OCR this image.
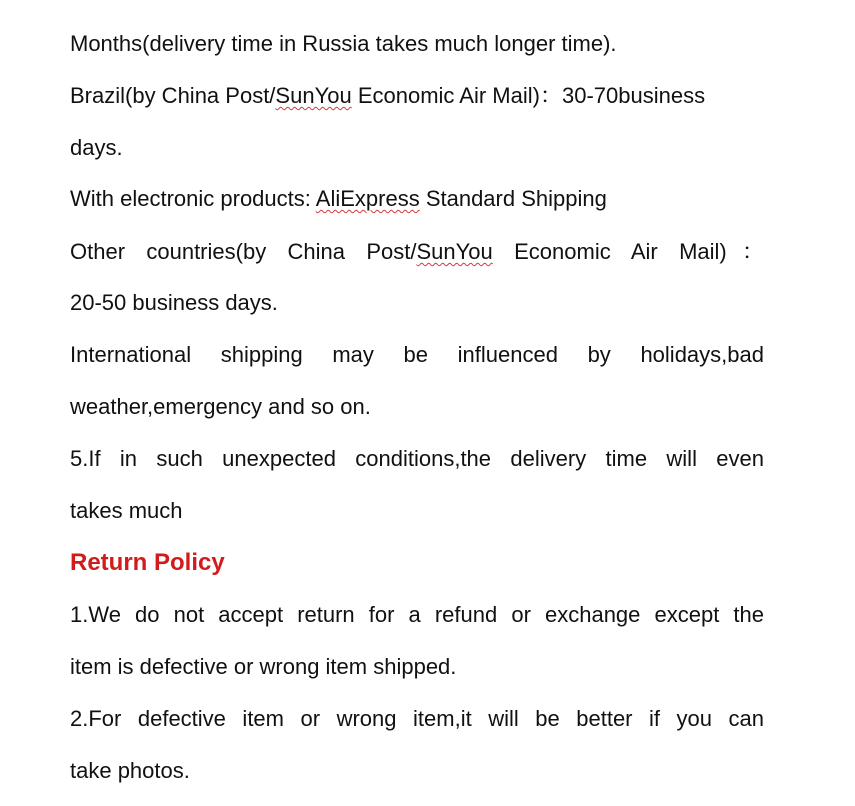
Months(delivery time in Russia takes much longer time).
Brazil(by China Post/SunYou Economic Air Mail)：30-70business
days.
With electronic products: AliExpress Standard Shipping
Other countries(by China Post/SunYou Economic Air Mail)：
20-50 business days.
International shipping may be influenced by holidays,bad
weather,emergency and so on.
5.If in such unexpected conditions,the delivery time will even
takes much
Return Policy
1.We do not accept return for a refund or exchange except the
item is defective or wrong item shipped.
2.For defective item or wrong item,it will be better if you can
take photos.
